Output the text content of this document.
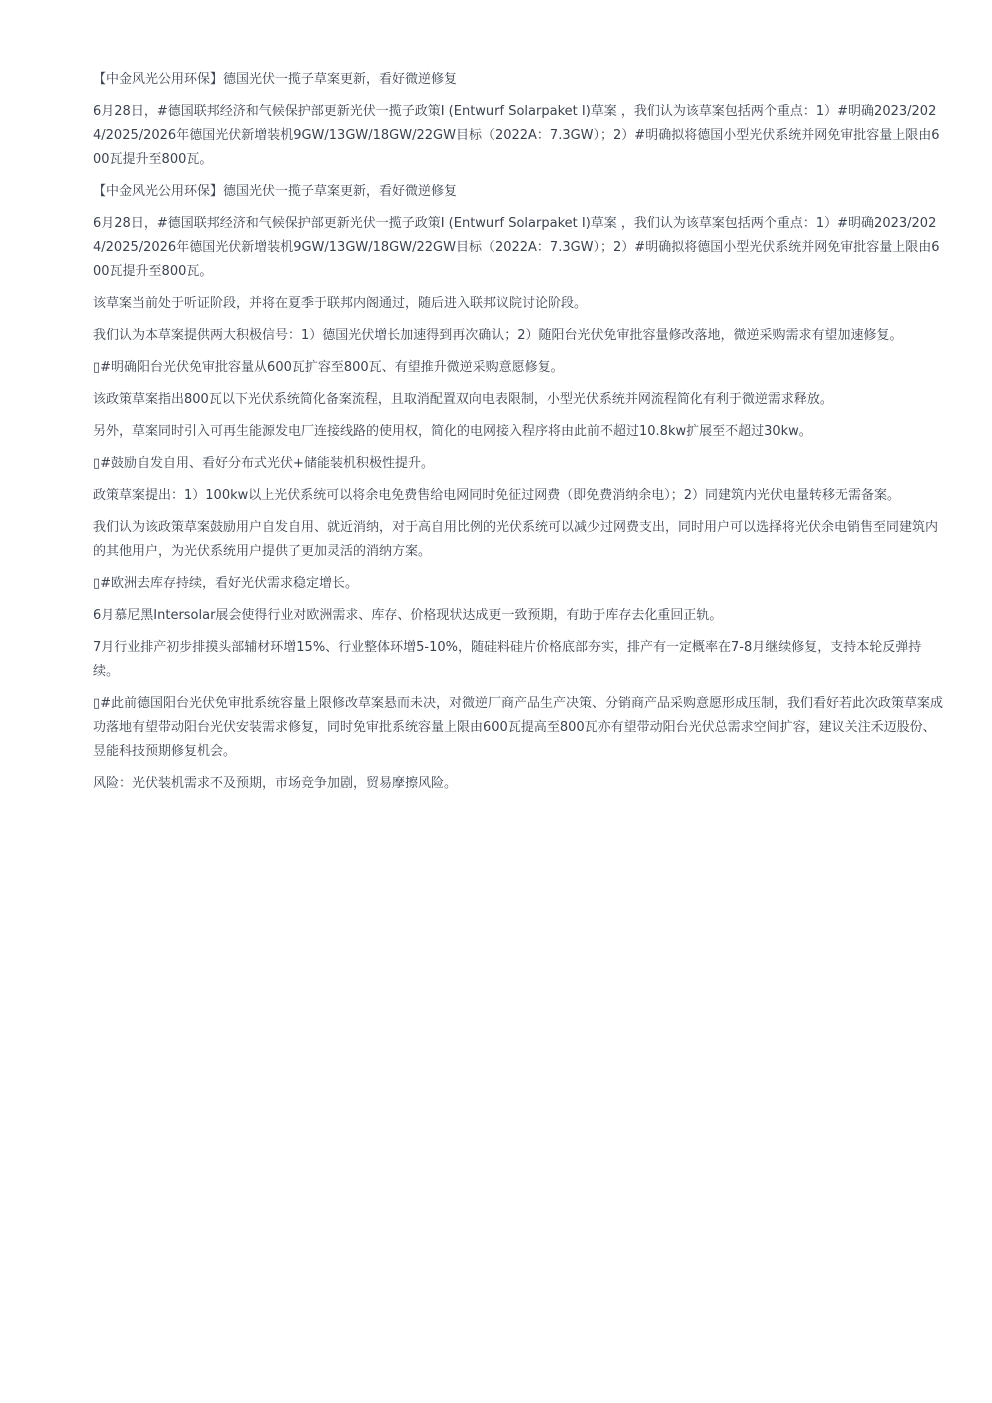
【中金风光公用环保】德国光伏一揽子草案更新，看好微逆修复

6月28日，#德国联邦经济和气候保护部更新光伏一揽子政策I (Entwurf Solarpaket I)草案 ，我们认为该草案包括两个重点：1）#明确2023/2024/2025/2026年德国光伏新增装机9GW/13GW/18GW/22GW目标（2022A：7.3GW）；2）#明确拟将德国小型光伏系统并网免审批容量上限由600瓦提升至800瓦。

【中金风光公用环保】德国光伏一揽子草案更新，看好微逆修复

6月28日，#德国联邦经济和气候保护部更新光伏一揽子政策I (Entwurf Solarpaket I)草案 ，我们认为该草案包括两个重点：1）#明确2023/2024/2025/2026年德国光伏新增装机9GW/13GW/18GW/22GW目标（2022A：7.3GW）；2）#明确拟将德国小型光伏系统并网免审批容量上限由600瓦提升至800瓦。

该草案当前处于听证阶段，并将在夏季于联邦内阁通过，随后进入联邦议院讨论阶段。

我们认为本草案提供两大积极信号：1）德国光伏增长加速得到再次确认；2）随阳台光伏免审批容量修改落地，微逆采购需求有望加速修复。

▯#明确阳台光伏免审批容量从600瓦扩容至800瓦、有望推升微逆采购意愿修复。

该政策草案指出800瓦以下光伏系统简化备案流程，且取消配置双向电表限制，小型光伏系统并网流程简化有利于微逆需求释放。

另外，草案同时引入可再生能源发电厂连接线路的使用权，简化的电网接入程序将由此前不超过10.8kw扩展至不超过30kw。

▯#鼓励自发自用、看好分布式光伏+储能装机积极性提升。

政策草案提出：1）100kw以上光伏系统可以将余电免费售给电网同时免征过网费（即免费消纳余电）；2）同建筑内光伏电量转移无需备案。

我们认为该政策草案鼓励用户自发自用、就近消纳，对于高自用比例的光伏系统可以减少过网费支出，同时用户可以选择将光伏余电销售至同建筑内的其他用户，为光伏系统用户提供了更加灵活的消纳方案。

▯#欧洲去库存持续，看好光伏需求稳定增长。

6月慕尼黑Intersolar展会使得行业对欧洲需求、库存、价格现状达成更一致预期，有助于库存去化重回正轨。

7月行业排产初步排摸头部辅材环增15%、行业整体环增5-10%，随硅料硅片价格底部夯实，排产有一定概率在7-8月继续修复，支持本轮反弹持续。

▯#此前德国阳台光伏免审批系统容量上限修改草案悬而未决，对微逆厂商产品生产决策、分销商产品采购意愿形成压制，我们看好若此次政策草案成功落地有望带动阳台光伏安装需求修复，同时免审批系统容量上限由600瓦提高至800瓦亦有望带动阳台光伏总需求空间扩容，建议关注禾迈股份、昱能科技预期修复机会。

风险：光伏装机需求不及预期，市场竞争加剧，贸易摩擦风险。
